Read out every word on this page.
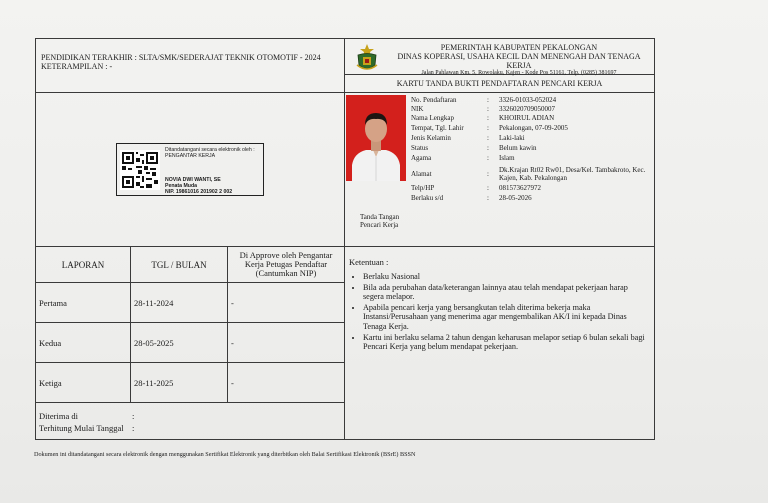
PENDIDIKAN TERAKHIR : SLTA/SMK/SEDERAJAT TEKNIK OTOMOTIF - 2024
KETERAMPILAN : -
PEMERINTAH KABUPATEN PEKALONGAN
DINAS KOPERASI, USAHA KECIL DAN MENENGAH DAN TENAGA KERJA
Jalan Pahlawan Km. 5, Rowolaku, Kajen - Kode Pos 51161, Telp. (0285) 381697
KARTU TANDA BUKTI PENDAFTARAN PENCARI KERJA
Ditandatangani secara elektronik oleh :
PENGANTAR KERJA
NOVIA DWI WANTI, SE
Penata Muda
NIP. 19861016 201902 2 002
No. Pendaftaran	:	3326-01033-052024
NIK	:	3326020709050007
Nama Lengkap	:	KHOIRUL ADIAN
Tempat, Tgl. Lahir	:	Pekalongan, 07-09-2005
Jenis Kelamin	:	Laki-laki
Status	:	Belum kawin
Agama	:	Islam
Alamat	:	Dk.Krajan Rt02 Rw01, Desa/Kel. Tambakroto, Kec. Kajen, Kab. Pekalongan
Telp/HP	:	081573627972
Berlaku s/d	:	28-05-2026
Tanda Tangan
Pencari Kerja
LAPORAN	TGL / BULAN	Di Approve oleh Pengantar Kerja Petugas Pendaftar (Cantumkan NIP)
Pertama	28-11-2024	-
Kedua	28-05-2025	-
Ketiga	28-11-2025	-
Diterima di	:
Terhitung Mulai Tanggal :
Ketentuan :
• Berlaku Nasional
• Bila ada perubahan data/keterangan lainnya atau telah mendapat pekerjaan harap segera melapor.
• Apabila pencari kerja yang bersangkutan telah diterima bekerja maka Instansi/Perusahaan yang menerima agar mengembalikan AK/I ini kepada Dinas Tenaga Kerja.
• Kartu ini berlaku selama 2 tahun dengan keharusan melapor setiap 6 bulan sekali bagi Pencari Kerja yang belum mendapat pekerjaan.
Dokumen ini ditandatangani secara elektronik dengan menggunakan Sertifikat Elektronik yang diterbitkan oleh Balai Sertifikasi Elektronik (BSrE) BSSN
